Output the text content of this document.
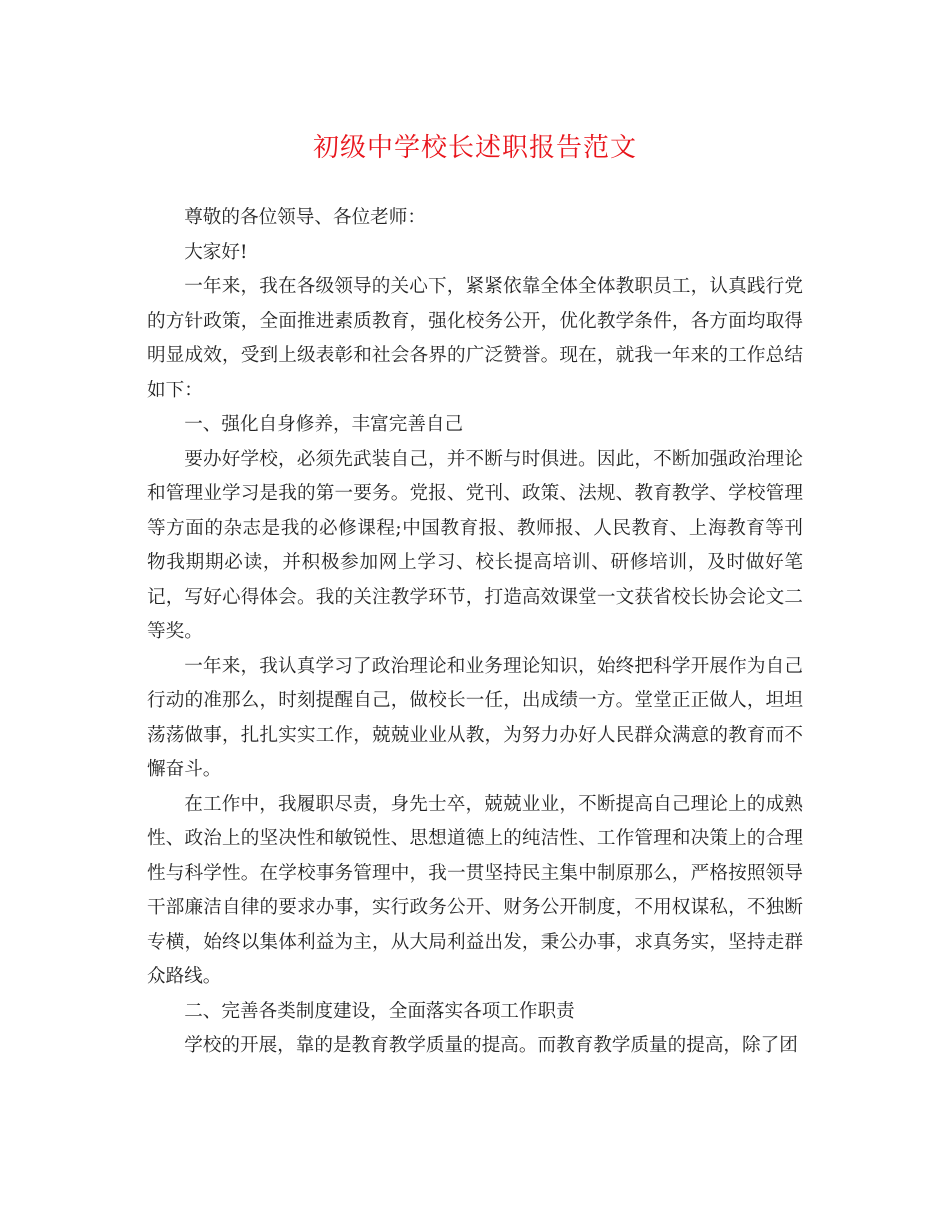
初级中学校长述职报告范文

尊敬的各位领导、各位老师：

大家好!

一年来，我在各级领导的关心下，紧紧依靠全体全体教职员工，认真践行党的方针政策，全面推进素质教育，强化校务公开，优化教学条件，各方面均取得明显成效，受到上级表彰和社会各界的广泛赞誉。现在，就我一年来的工作总结如下：

一、强化自身修养，丰富完善自己

要办好学校，必须先武装自己，并不断与时俱进。因此，不断加强政治理论和管理业学习是我的第一要务。党报、党刊、政策、法规、教育教学、学校管理等方面的杂志是我的必修课程;中国教育报、教师报、人民教育、上海教育等刊物我期期必读，并积极参加网上学习、校长提高培训、研修培训，及时做好笔记，写好心得体会。我的关注教学环节，打造高效课堂一文获省校长协会论文二等奖。

一年来，我认真学习了政治理论和业务理论知识，始终把科学开展作为自己行动的准那么，时刻提醒自己，做校长一任，出成绩一方。堂堂正正做人，坦坦荡荡做事，扎扎实实工作，兢兢业业从教，为努力办好人民群众满意的教育而不懈奋斗。

在工作中，我履职尽责，身先士卒，兢兢业业，不断提高自己理论上的成熟性、政治上的坚决性和敏锐性、思想道德上的纯洁性、工作管理和决策上的合理性与科学性。在学校事务管理中，我一贯坚持民主集中制原那么，严格按照领导干部廉洁自律的要求办事，实行政务公开、财务公开制度，不用权谋私，不独断专横，始终以集体利益为主，从大局利益出发，秉公办事，求真务实，坚持走群众路线。

二、完善各类制度建设，全面落实各项工作职责

学校的开展，靠的是教育教学质量的提高。而教育教学质量的提高，除了团
